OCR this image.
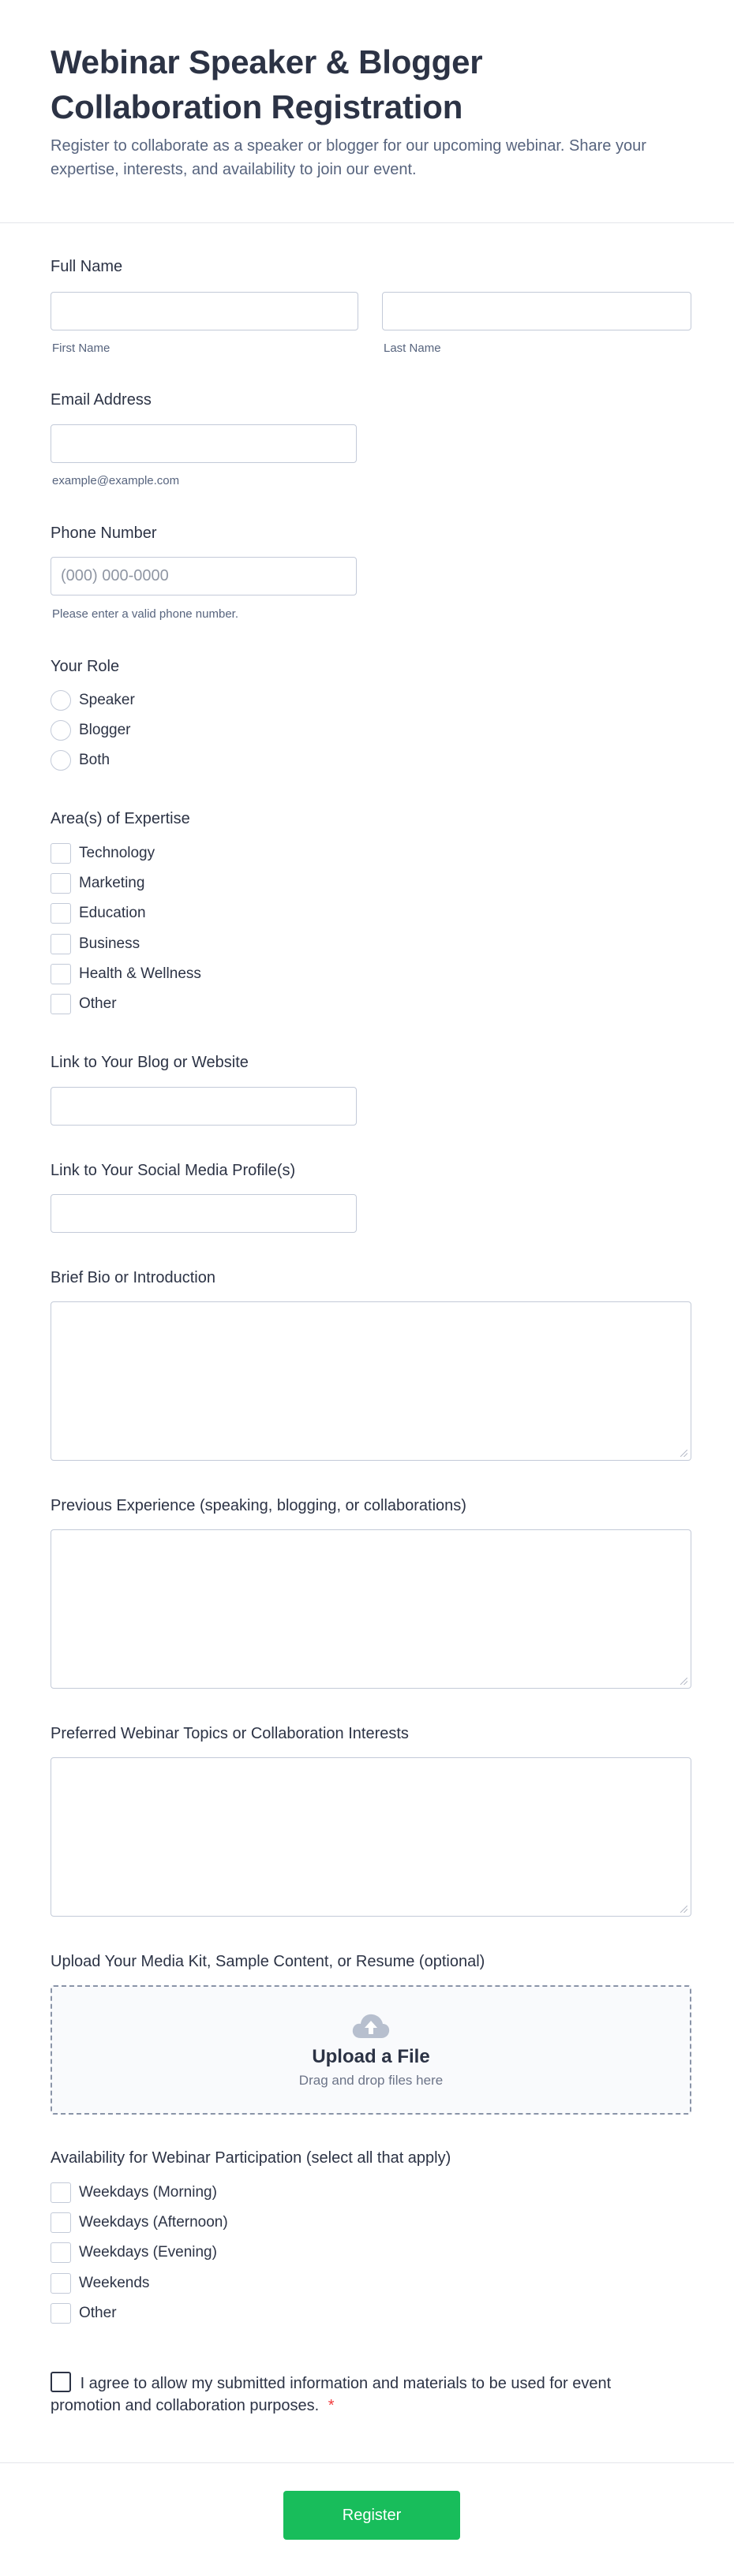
Webinar Speaker & Blogger Collaboration Registration
Register to collaborate as a speaker or blogger for our upcoming webinar. Share your expertise, interests, and availability to join our event.
Full Name
First Name	Last Name
Email Address
example@example.com
Phone Number
(000) 000-0000
Please enter a valid phone number.
Your Role
Speaker
Blogger
Both
Area(s) of Expertise
Technology
Marketing
Education
Business
Health & Wellness
Other
Link to Your Blog or Website
Link to Your Social Media Profile(s)
Brief Bio or Introduction
Previous Experience (speaking, blogging, or collaborations)
Preferred Webinar Topics or Collaboration Interests
Upload Your Media Kit, Sample Content, or Resume (optional)
Upload a File
Drag and drop files here
Availability for Webinar Participation (select all that apply)
Weekdays (Morning)
Weekdays (Afternoon)
Weekdays (Evening)
Weekends
Other
I agree to allow my submitted information and materials to be used for event promotion and collaboration purposes. *
Register
